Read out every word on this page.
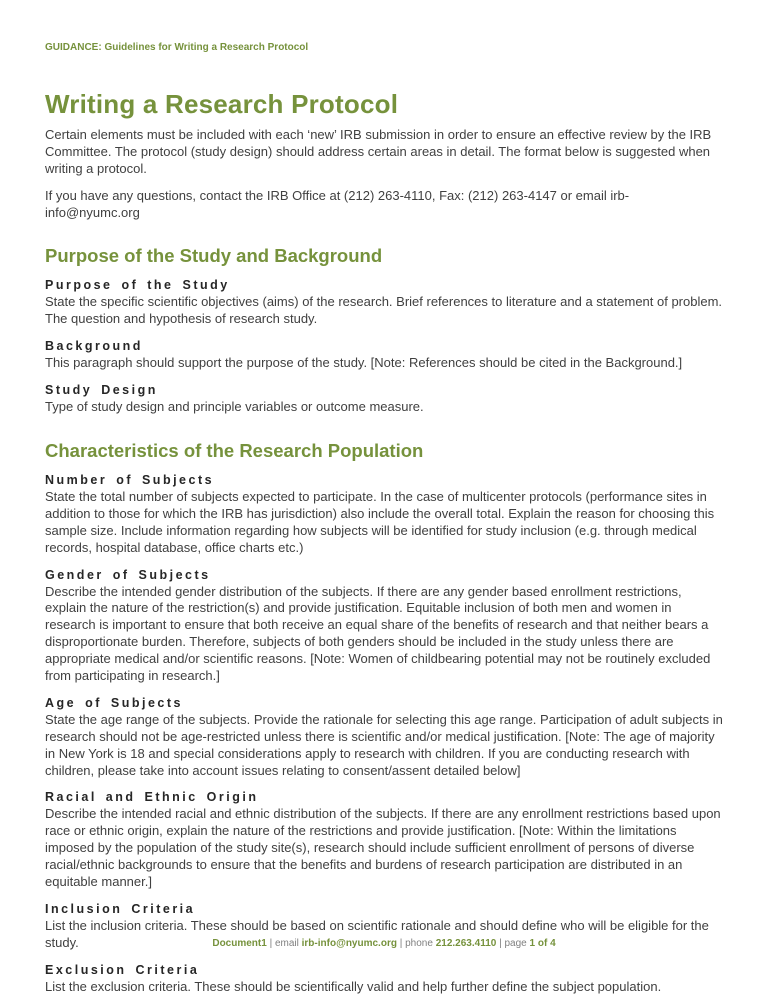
GUIDANCE: Guidelines for Writing a Research Protocol
Writing a Research Protocol

Certain elements must be included with each ‘new’ IRB submission in order to ensure an effective review by the IRB Committee. The protocol (study design) should address certain areas in detail. The format below is suggested when writing a protocol.

If you have any questions, contact the IRB Office at (212) 263-4110, Fax: (212) 263-4147 or email irb-info@nyumc.org

Purpose of the Study and Background
Purpose of the Study

State the specific scientific objectives (aims) of the research. Brief references to literature and a statement of problem. The question and hypothesis of research study.

Background

This paragraph should support the purpose of the study. [Note: References should be cited in the Background.]

Study Design

Type of study design and principle variables or outcome measure.

Characteristics of the Research Population
Number of Subjects

State the total number of subjects expected to participate. In the case of multicenter protocols (performance sites in addition to those for which the IRB has jurisdiction) also include the overall total. Explain the reason for choosing this sample size. Include information regarding how subjects will be identified for study inclusion (e.g. through medical records, hospital database, office charts etc.)

Gender of Subjects

Describe the intended gender distribution of the subjects. If there are any gender based enrollment restrictions, explain the nature of the restriction(s) and provide justification. Equitable inclusion of both men and women in research is important to ensure that both receive an equal share of the benefits of research and that neither bears a disproportionate burden. Therefore, subjects of both genders should be included in the study unless there are appropriate medical and/or scientific reasons. [Note: Women of childbearing potential may not be routinely excluded from participating in research.]

Age of Subjects

State the age range of the subjects. Provide the rationale for selecting this age range. Participation of adult subjects in research should not be age-restricted unless there is scientific and/or medical justification. [Note: The age of majority in New York is 18 and special considerations apply to research with children. If you are conducting research with children, please take into account issues relating to consent/assent detailed below]

Racial and Ethnic Origin

Describe the intended racial and ethnic distribution of the subjects. If there are any enrollment restrictions based upon race or ethnic origin, explain the nature of the restrictions and provide justification. [Note: Within the limitations imposed by the population of the study site(s), research should include sufficient enrollment of persons of diverse racial/ethnic backgrounds to ensure that the benefits and burdens of research participation are distributed in an equitable manner.]

Inclusion Criteria

List the inclusion criteria. These should be based on scientific rationale and should define who will be eligible for the study.

Exclusion Criteria

List the exclusion criteria. These should be scientifically valid and help further define the subject population.

Document1 | email irb-info@nyumc.org | phone 212.263.4110 | page 1 of 4
